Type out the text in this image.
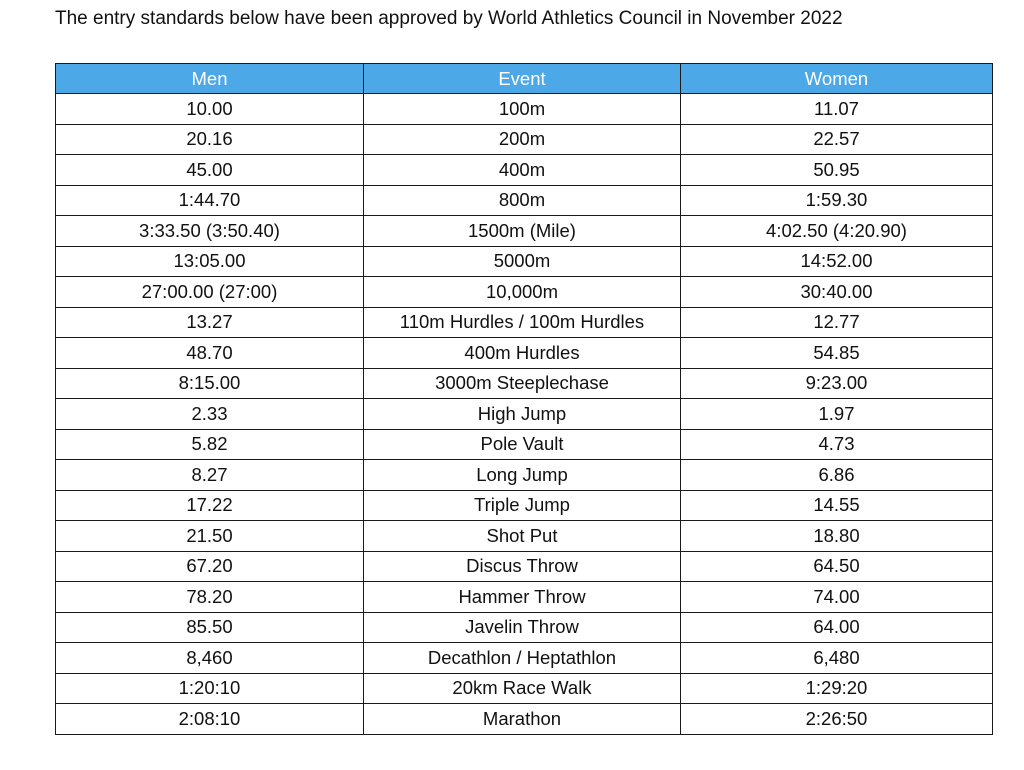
The entry standards below have been approved by World Athletics Council in November 2022
Men	Event	Women
10.00	100m	11.07
20.16	200m	22.57
45.00	400m	50.95
1:44.70	800m	1:59.30
3:33.50 (3:50.40)	1500m (Mile)	4:02.50 (4:20.90)
13:05.00	5000m	14:52.00
27:00.00 (27:00)	10,000m	30:40.00
13.27	110m Hurdles / 100m Hurdles	12.77
48.70	400m Hurdles	54.85
8:15.00	3000m Steeplechase	9:23.00
2.33	High Jump	1.97
5.82	Pole Vault	4.73
8.27	Long Jump	6.86
17.22	Triple Jump	14.55
21.50	Shot Put	18.80
67.20	Discus Throw	64.50
78.20	Hammer Throw	74.00
85.50	Javelin Throw	64.00
8,460	Decathlon / Heptathlon	6,480
1:20:10	20km Race Walk	1:29:20
2:08:10	Marathon	2:26:50
